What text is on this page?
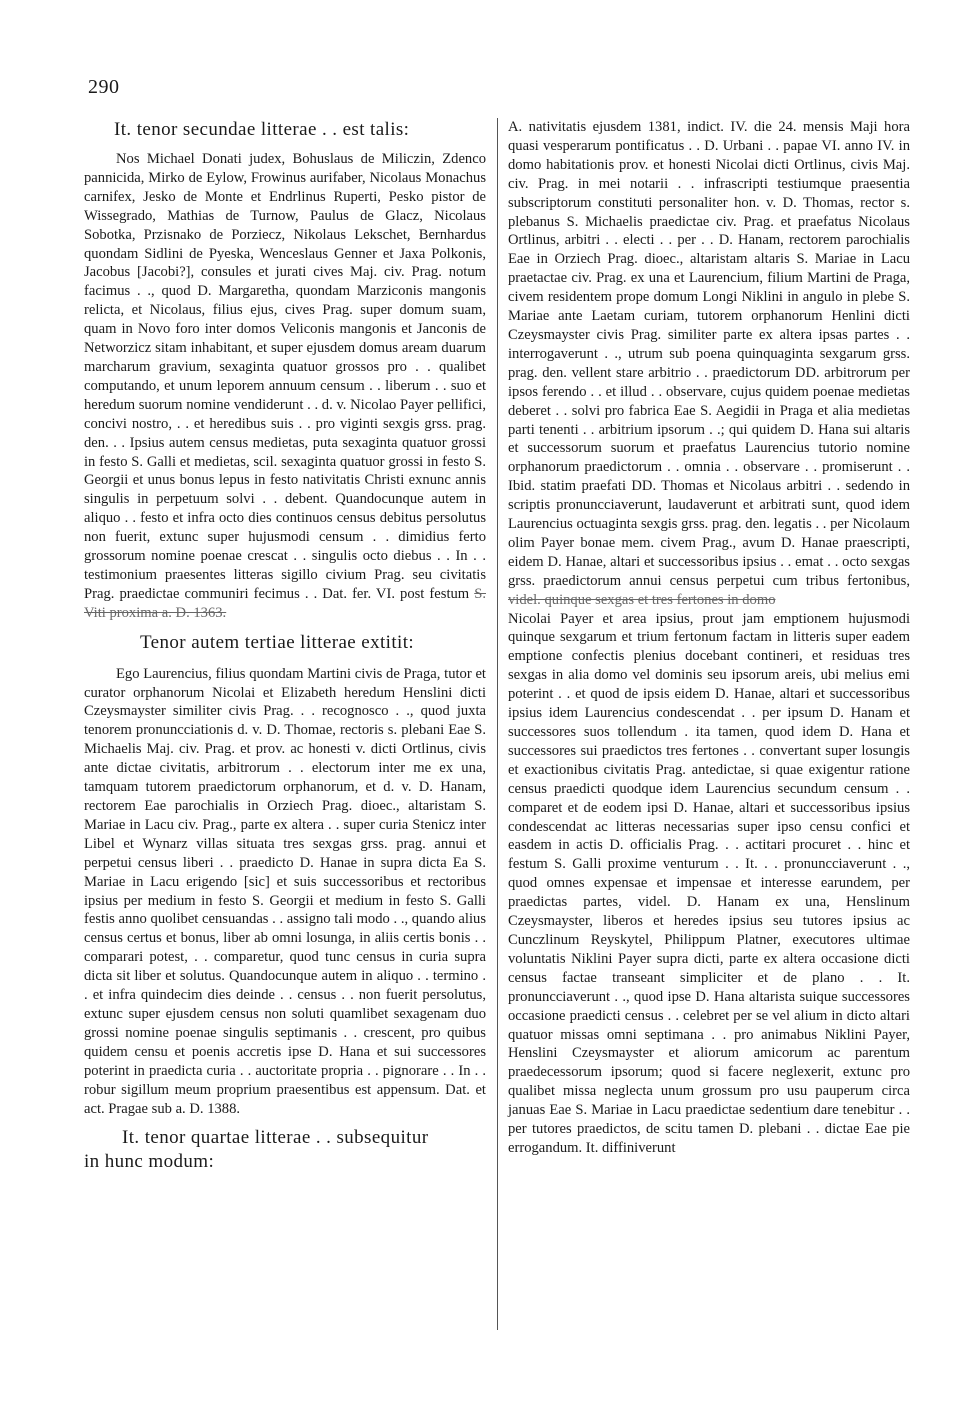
290
It. tenor secundae litterae . . est talis:

Nos Michael Donati judex, Bohuslaus de Miliczin, Zdenco pannicida, Mirko de Eylow, Frowinus aurifaber, Nicolaus Monachus carnifex, Jesko de Monte et Endrlinus Ruperti, Pesko pistor de Wissegrado, Mathias de Turnow, Paulus de Glacz, Nicolaus Sobotka, Przisnako de Porziecz, Nikolaus Lekschet, Bernhardus quondam Sidlini de Pyeska, Wenceslaus Genner et Jaxa Polkonis, Jacobus [Jacobi?], consules et jurati cives Maj. civ. Prag. notum facimus . ., quod D. Margaretha, quondam Marziconis mangonis relicta, et Nicolaus, filius ejus, cives Prag. super domum suam, quam in Novo foro inter domos Veliconis mangonis et Janconis de Networzicz sitam inhabitant, et super ejusdem domus aream duarum marcharum gravium, sexaginta quatuor grossos pro . . qualibet computando, et unum leporem annuum censum . . liberum . . suo et heredum suorum nomine vendiderunt . . d. v. Nicolao Payer pellifici, concivi nostro, . . et heredibus suis . . pro viginti sexgis grss. prag. den. . . Ipsius autem census medietas, puta sexaginta quatuor grossi in festo S. Galli et medietas, scil. sexaginta quatuor grossi in festo S. Georgii et unus bonus lepus in festo nativitatis Christi exnunc annis singulis in perpetuum solvi . . debent. Quandocunque autem in aliquo . . festo et infra octo dies continuos census debitus persolutus non fuerit, extunc super hujusmodi censum . . dimidius ferto grossorum nomine poenae crescat . . singulis octo diebus . . In . . testimonium praesentes litteras sigillo civium Prag. seu civitatis Prag. praedictae communiri fecimus . . Dat. fer. VI. post festum S. Viti proxima a. D. 1363.

Tenor autem tertiae litterae extitit:

Ego Laurencius, filius quondam Martini civis de Praga, tutor et curator orphanorum Nicolai et Elizabeth heredum Henslini dicti Czeysmayster similiter civis Prag. . . recognosco . ., quod juxta tenorem pronuncciationis d. v. D. Thomae, rectoris s. plebani Eae S. Michaelis Maj. civ. Prag. et prov. ac honesti v. dicti Ortlinus, civis ante dictae civitatis, arbitrorum . . electorum inter me ex una, tamquam tutorem praedictorum orphanorum, et d. v. D. Hanam, rectorem Eae parochialis in Orziech Prag. dioec., altaristam S. Mariae in Lacu civ. Prag., parte ex altera . . super curia Stenicz inter Libel et Wynarz villas situata tres sexgas grss. prag. annui et perpetui census liberi . . praedicto D. Hanae in supra dicta Ea S. Mariae in Lacu erigendo [sic] et suis successoribus et rectoribus ipsius per medium in festo S. Georgii et medium in festo S. Galli festis anno quolibet censuandas . . assigno tali modo . ., quando alius census certus et bonus, liber ab omni losunga, in aliis certis bonis . . comparari potest, . . comparetur, quod tunc census in curia supra dicta sit liber et solutus. Quandocunque autem in aliquo . . termino . . et infra quindecim dies deinde . . census . . non fuerit persolutus, extunc super ejusdem census non soluti quamlibet sexagenam duo grossi nomine poenae singulis septimanis . . crescent, pro quibus quidem censu et poenis accretis ipse D. Hana et sui successores poterint in praedicta curia . . auctoritate propria . . pignorare . . In . . robur sigillum meum proprium praesentibus est appensum. Dat. et act. Pragae sub a. D. 1388.

It. tenor quartae litterae . . subsequitur
in hunc modum:

A. nativitatis ejusdem 1381, indict. IV. die 24. mensis Maji hora quasi vesperarum pontificatus . . D. Urbani . . papae VI. anno IV. in domo habitationis prov. et honesti Nicolai dicti Ortlinus, civis Maj. civ. Prag. in mei notarii . . infrascripti testiumque praesentia subscriptorum constituti personaliter hon. v. D. Thomas, rector s. plebanus S. Michaelis praedictae civ. Prag. et praefatus Nicolaus Ortlinus, arbitri . . electi . . per . . D. Hanam, rectorem parochialis Eae in Orziech Prag. dioec., altaristam altaris S. Mariae in Lacu praetactae civ. Prag. ex una et Laurencium, filium Martini de Praga, civem residentem prope domum Longi Niklini in angulo in plebe S. Mariae ante Laetam curiam, tutorem orphanorum Henlini dicti Czeysmayster civis Prag. similiter parte ex altera ipsas partes . . interrogaverunt . ., utrum sub poena quinquaginta sexgarum grss. prag. den. vellent stare arbitrio . . praedictorum DD. arbitrorum per ipsos ferendo . . et illud . . observare, cujus quidem poenae medietas deberet . . solvi pro fabrica Eae S. Aegidii in Praga et alia medietas parti tenenti . . arbitrium ipsorum . .; qui quidem D. Hana sui altaris et successorum suorum et praefatus Laurencius tutorio nomine orphanorum praedictorum . . omnia . . observare . . promiserunt . . Ibid. statim praefati DD. Thomas et Nicolaus arbitri . . sedendo in scriptis pronuncciaverunt, laudaverunt et arbitrati sunt, quod idem Laurencius octuaginta sexgis grss. prag. den. legatis . . per Nicolaum olim Payer bonae mem. civem Prag., avum D. Hanae praescripti, eidem D. Hanae, altari et successoribus ipsius . . emat . . octo sexgas grss. praedictorum annui census perpetui cum tribus fertonibus, videl. quinque sexgas et tres fertones in domo

Nicolai Payer et area ipsius, prout jam emptionem hujusmodi quinque sexgarum et trium fertonum factam in litteris super eadem emptione confectis plenius docebant contineri, et residuas tres sexgas in alia domo vel dominis seu ipsorum areis, ubi melius emi poterint . . et quod de ipsis eidem D. Hanae, altari et successoribus ipsius idem Laurencius condescendat . . per ipsum D. Hanam et successores suos tollendum . ita tamen, quod idem D. Hana et successores sui praedictos tres fertones . . convertant super losungis et exactionibus civitatis Prag. antedictae, si quae exigentur ratione census praedicti quodque idem Laurencius secundum censum . . comparet et de eodem ipsi D. Hanae, altari et successoribus ipsius condescendat ac litteras necessarias super ipso censu confici et easdem in actis D. officialis Prag. . . actitari procuret . . hinc et festum S. Galli proxime venturum . . It. . . pronuncciaverunt . ., quod omnes expensae et impensae et interesse earundem, per praedictas partes, videl. D. Hanam ex una, Henslinum Czeysmayster, liberos et heredes ipsius seu tutores ipsius ac Cunczlinum Reyskytel, Philippum Platner, executores ultimae voluntatis Niklini Payer supra dicti, parte ex altera occasione dicti census factae transeant simpliciter et de plano . . It. pronuncciaverunt . ., quod ipse D. Hana altaristа suique successores occasione praedicti census . . celebret per se vel alium in dicto altari quatuor missas omni septimana . . pro animabus Niklini Payer, Henslini Czeysmayster et aliorum amicorum ac parentum praedecessorum ipsorum; quod si facere neglexerit, extunc pro qualibet missa neglecta unum grossum pro usu pauperum circa januas Eae S. Mariae in Lacu praedictae sedentium dare tenebitur . . per tutores praedictos, de scitu tamen D. plebani . . dictae Eae pie errogandum. It. diffiniverunt
